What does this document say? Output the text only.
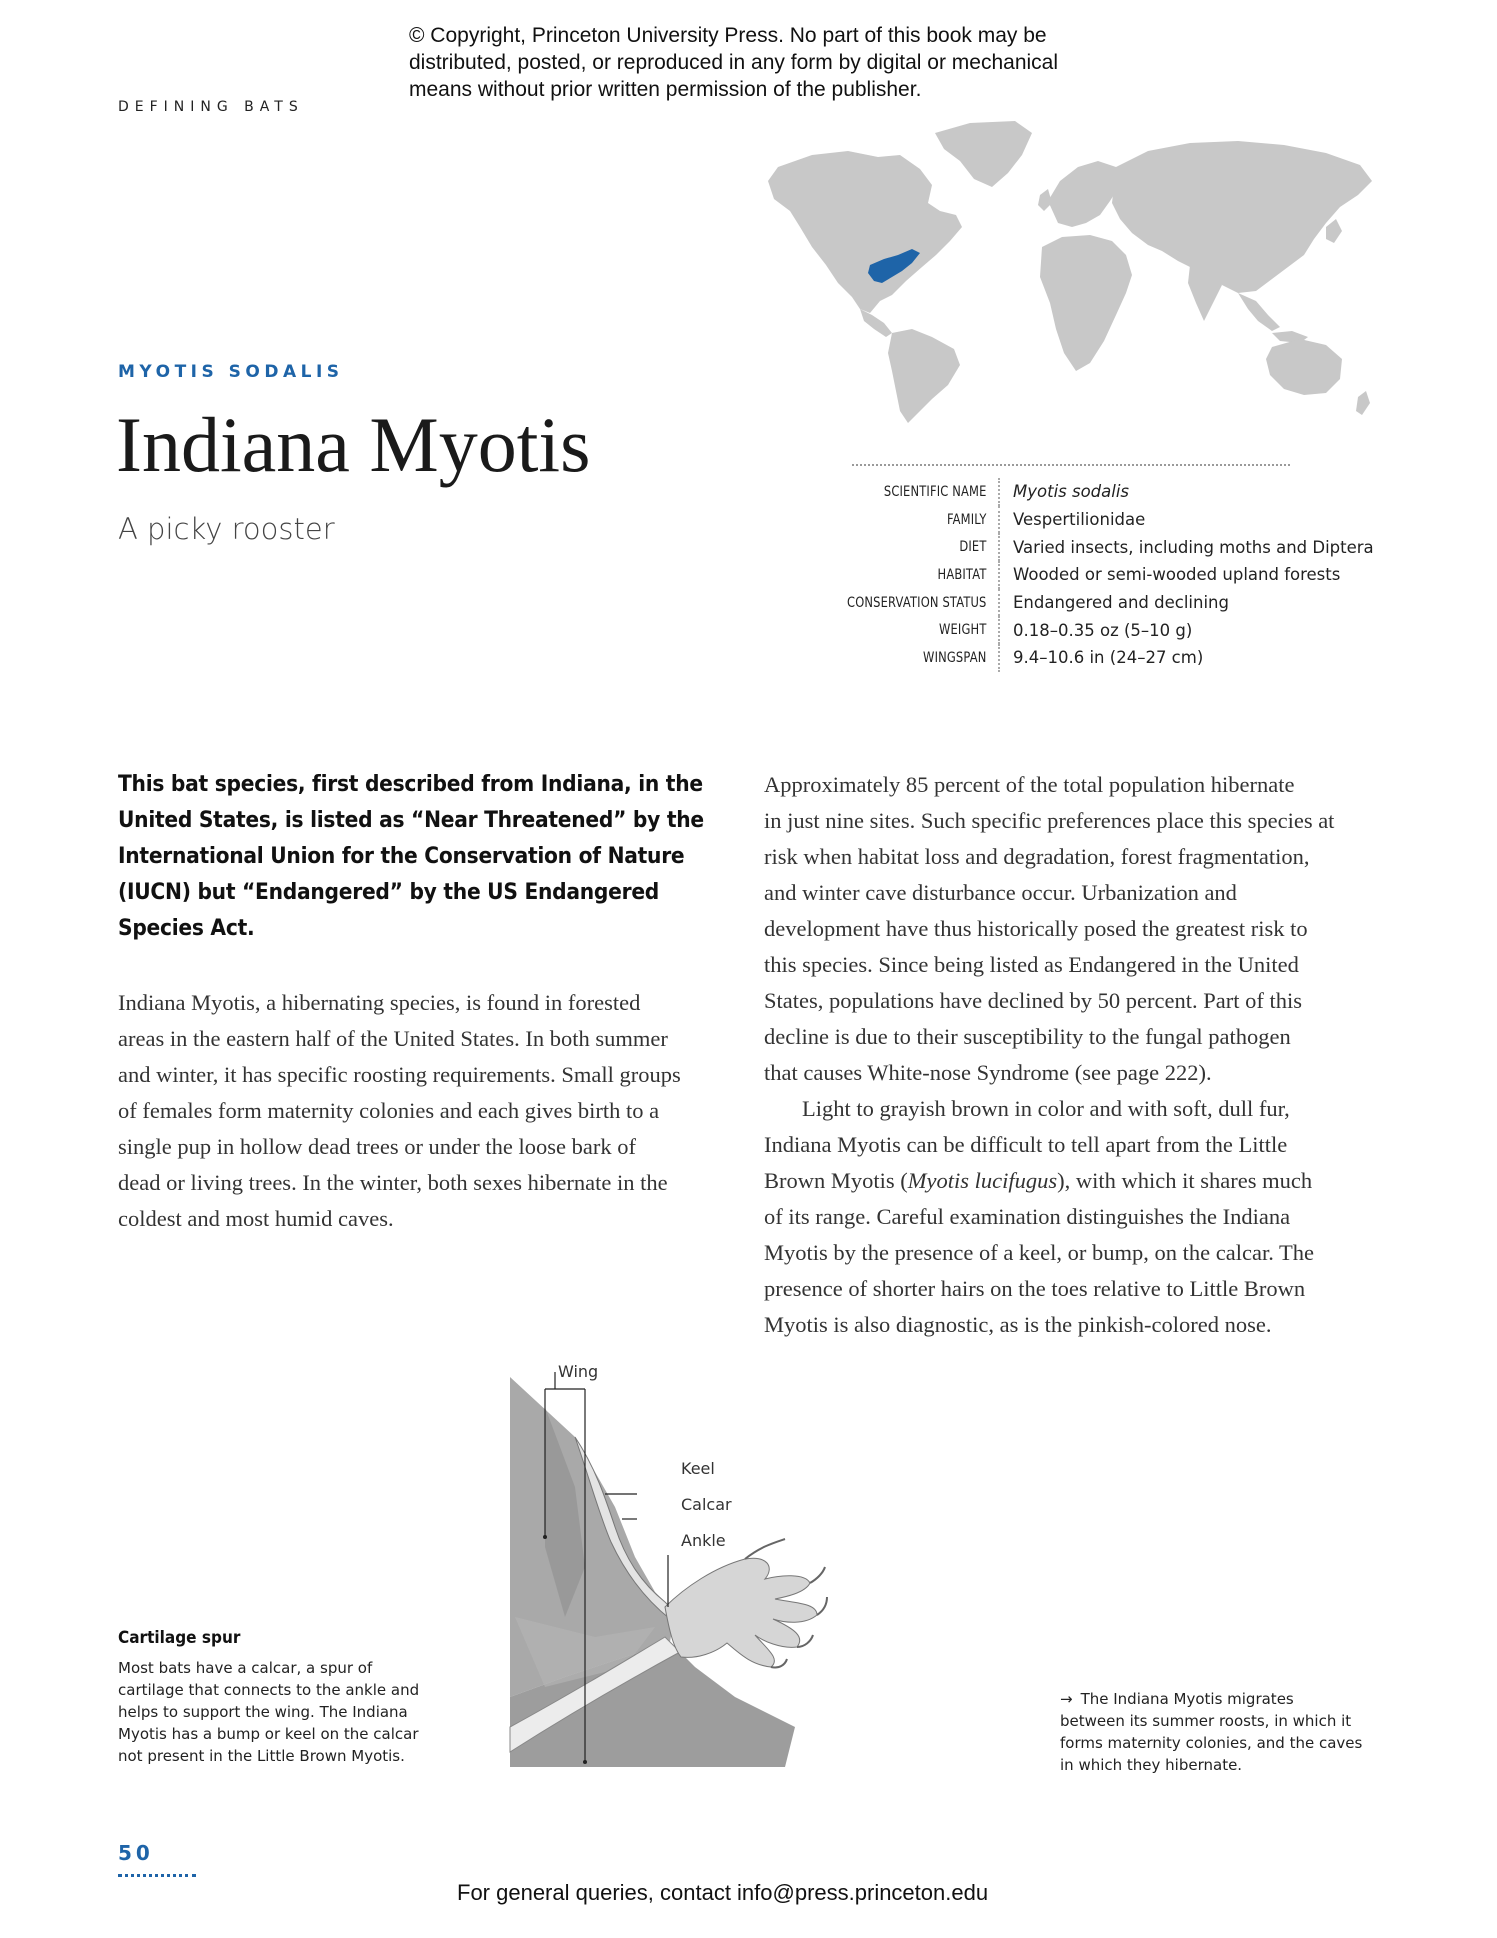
© Copyright, Princeton University Press. No part of this book may be
distributed, posted, or reproduced in any form by digital or mechanical
means without prior written permission of the publisher.
DEFINING BATS
MYOTIS SODALIS
Indiana Myotis
A picky rooster
SCIENTIFIC NAME	Myotis sodalis
FAMILY	Vespertilionidae
DIET	Varied insects, including moths and Diptera
HABITAT	Wooded or semi-wooded upland forests
CONSERVATION STATUS	Endangered and declining
WEIGHT	0.18–0.35 oz (5–10 g)
WINGSPAN	9.4–10.6 in (24–27 cm)
This bat species, first described from Indiana, in the
United States, is listed as “Near Threatened” by the
International Union for the Conservation of Nature
(IUCN) but “Endangered” by the US Endangered
Species Act.
Indiana Myotis, a hibernating species, is found in forested
areas in the eastern half of the United States. In both summer
and winter, it has specific roosting requirements. Small groups
of females form maternity colonies and each gives birth to a
single pup in hollow dead trees or under the loose bark of
dead or living trees. In the winter, both sexes hibernate in the
coldest and most humid caves.
Approximately 85 percent of the total population hibernate
in just nine sites. Such specific preferences place this species at
risk when habitat loss and degradation, forest fragmentation,
and winter cave disturbance occur. Urbanization and
development have thus historically posed the greatest risk to
this species. Since being listed as Endangered in the United
States, populations have declined by 50 percent. Part of this
decline is due to their susceptibility to the fungal pathogen
that causes White-nose Syndrome (see page 222).
Light to grayish brown in color and with soft, dull fur,
Indiana Myotis can be difficult to tell apart from the Little
Brown Myotis (Myotis lucifugus), with which it shares much
of its range. Careful examination distinguishes the Indiana
Myotis by the presence of a keel, or bump, on the calcar. The
presence of shorter hairs on the toes relative to Little Brown
Myotis is also diagnostic, as is the pinkish-colored nose.
Wing
Keel
Calcar
Ankle
Cartilage spur
Most bats have a calcar, a spur of
cartilage that connects to the ankle and
helps to support the wing. The Indiana
Myotis has a bump or keel on the calcar
not present in the Little Brown Myotis.
→ The Indiana Myotis migrates
between its summer roosts, in which it
forms maternity colonies, and the caves
in which they hibernate.
50
For general queries, contact info@press.princeton.edu
